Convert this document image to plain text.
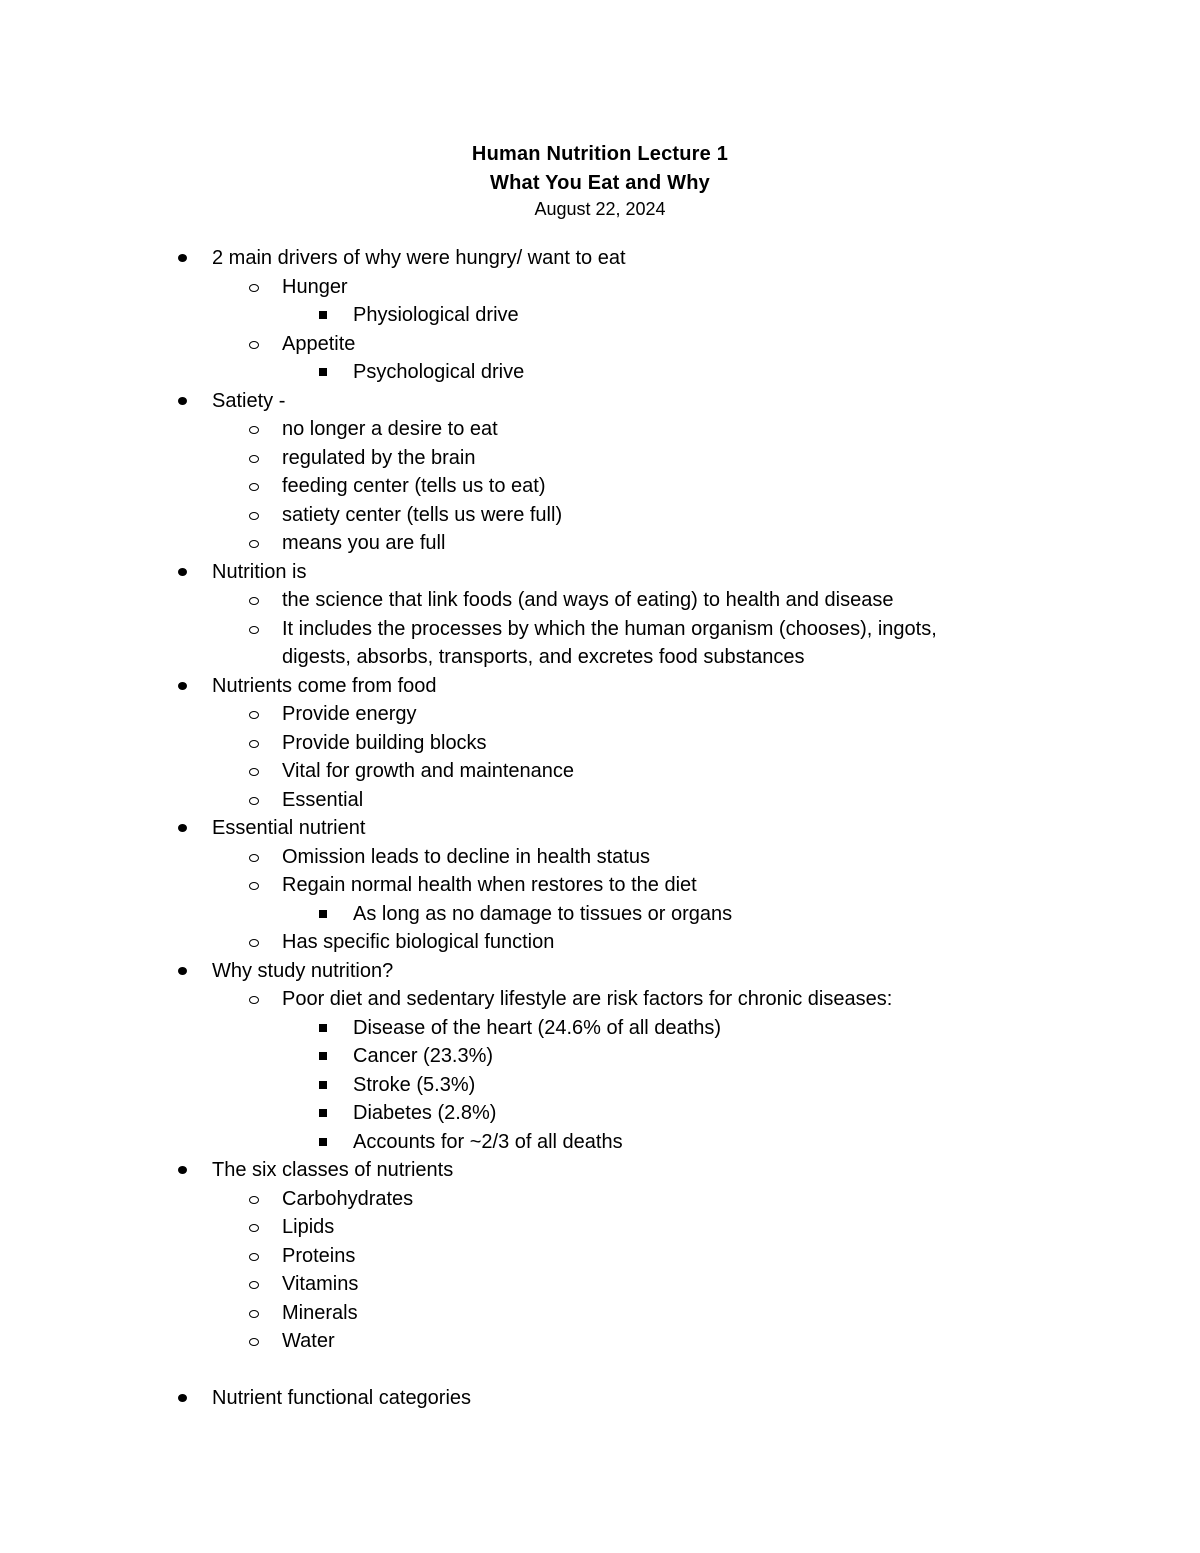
Human Nutrition Lecture 1
What You Eat and Why
August 22, 2024
2 main drivers of why were hungry/ want to eat
Hunger
Physiological drive
Appetite
Psychological drive
Satiety -
no longer a desire to eat
regulated by the brain
feeding center (tells us to eat)
satiety center (tells us were full)
means you are full
Nutrition is
the science that link foods (and ways of eating) to health and disease
It includes the processes by which the human organism (chooses), ingots, digests, absorbs, transports, and excretes food substances
Nutrients come from food
Provide energy
Provide building blocks
Vital for growth and maintenance
Essential
Essential nutrient
Omission leads to decline in health status
Regain normal health when restores to the diet
As long as no damage to tissues or organs
Has specific biological function
Why study nutrition?
Poor diet and sedentary lifestyle are risk factors for chronic diseases:
Disease of the heart (24.6% of all deaths)
Cancer (23.3%)
Stroke (5.3%)
Diabetes (2.8%)
Accounts for ~2/3 of all deaths
The six classes of nutrients
Carbohydrates
Lipids
Proteins
Vitamins
Minerals
Water
Nutrient functional categories
